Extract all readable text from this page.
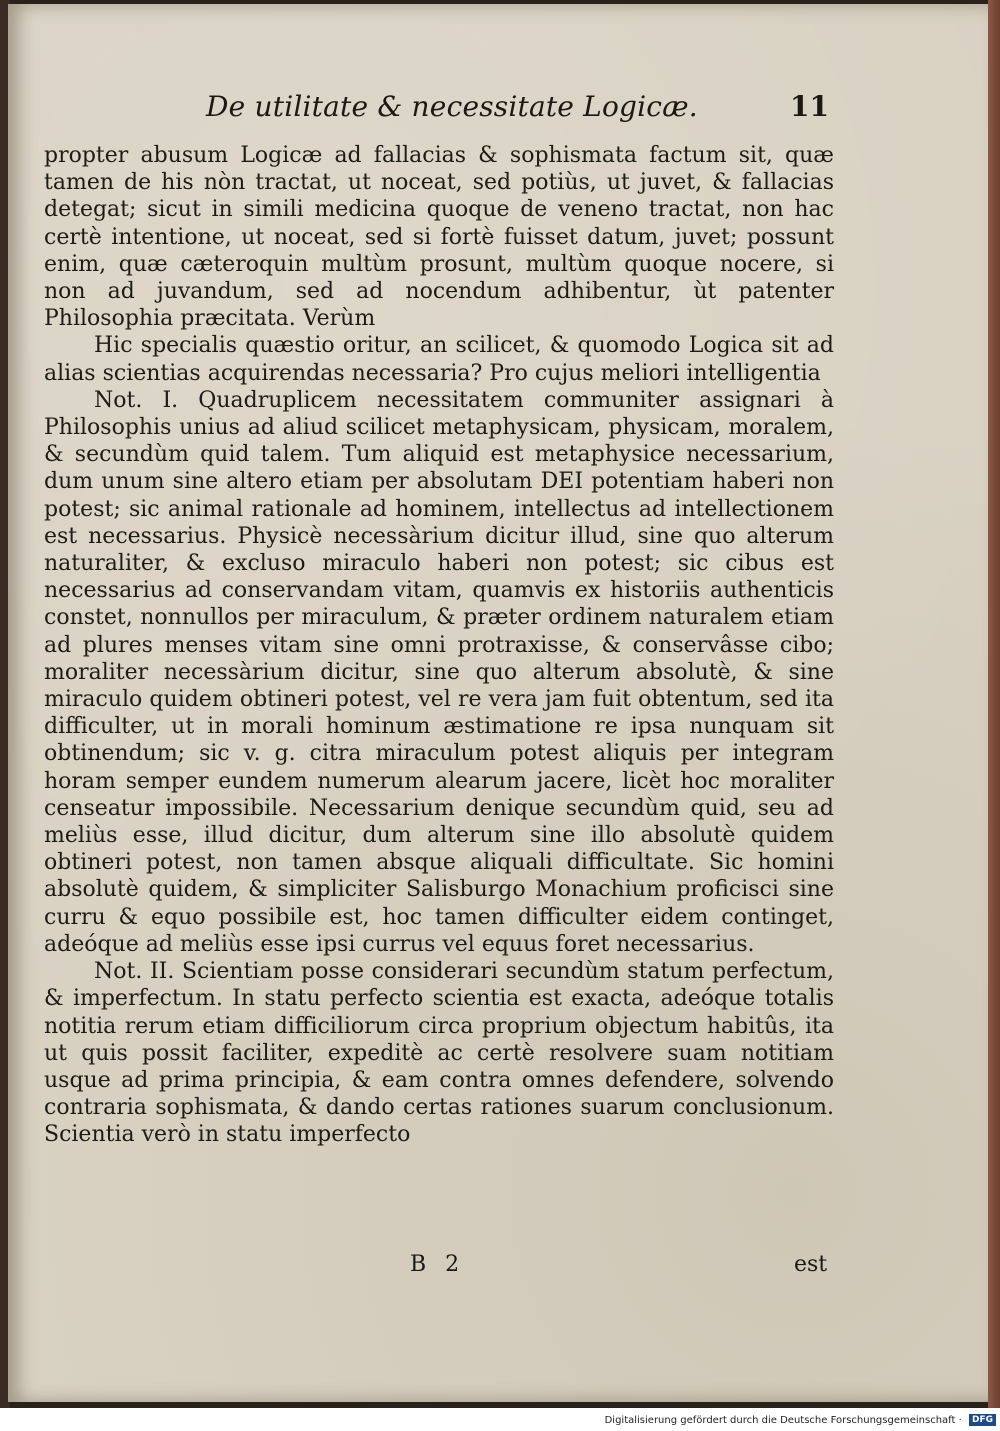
De utilitate & necessitate Logicæ.	11

propter abusum Logicæ ad fallacias & sophismata factum sit, quæ tamen de his nòn tractat, ut noceat, sed potiùs, ut juvet, & fallacias detegat; sicut in simili medicina quoque de veneno tractat, non hac certè intentione, ut noceat, sed si fortè fuisset datum, juvet; possunt enim, quæ cæteroquin multùm prosunt, multùm quoque nocere, si non ad juvandum, sed ad nocendum adhibentur, ùt patenter Philosophia præcitata. Verùm

Hic specialis quæstio oritur, an scilicet, & quomodo Logica sit ad alias scientias acquirendas necessaria? Pro cujus meliori intelligentia

Not. I. Quadruplicem necessitatem communiter assignari à Philosophis unius ad aliud scilicet metaphysicam, physicam, moralem, & secundùm quid talem. Tum aliquid est metaphysice necessarium, dum unum sine altero etiam per absolutam DEI potentiam haberi non potest; sic animal rationale ad hominem, intellectus ad intellectionem est necessarius. Physicè necessàrium dicitur illud, sine quo alterum naturaliter, & excluso miraculo haberi non potest; sic cibus est necessarius ad conservandam vitam, quamvis ex historiis authenticis constet, nonnullos per miraculum, & præter ordinem naturalem etiam ad plures menses vitam sine omni protraxisse, & conservâsse cibo; moraliter necessàrium dicitur, sine quo alterum absolutè, & sine miraculo quidem obtineri potest, vel re vera jam fuit obtentum, sed ita difficulter, ut in morali hominum æstimatione re ipsa nunquam sit obtinendum; sic v. g. citra miraculum potest aliquis per integram horam semper eundem numerum alearum jacere, licèt hoc moraliter censeatur impossibile. Necessarium denique secundùm quid, seu ad meliùs esse, illud dicitur, dum alterum sine illo absolutè quidem obtineri potest, non tamen absque aliquali difficultate. Sic homini absolutè quidem, & simpliciter Salisburgo Monachium proficisci sine curru & equo possibile est, hoc tamen difficulter eidem continget, adeóque ad meliùs esse ipsi currus vel equus foret necessarius.

Not. II. Scientiam posse considerari secundùm statum perfectum, & imperfectum. In statu perfecto scientia est exacta, adeóque totalis notitia rerum etiam difficiliorum circa proprium objectum habitûs, ita ut quis possit faciliter, expeditè ac certè resolvere suam notitiam usque ad prima principia, & eam contra omnes defendere, solvendo contraria sophismata, & dando certas rationes suarum conclusionum. Scientia verò in statu imperfecto

B 2	est
Digitalisierung gefördert durch die Deutsche Forschungsgemeinschaft · DFG
